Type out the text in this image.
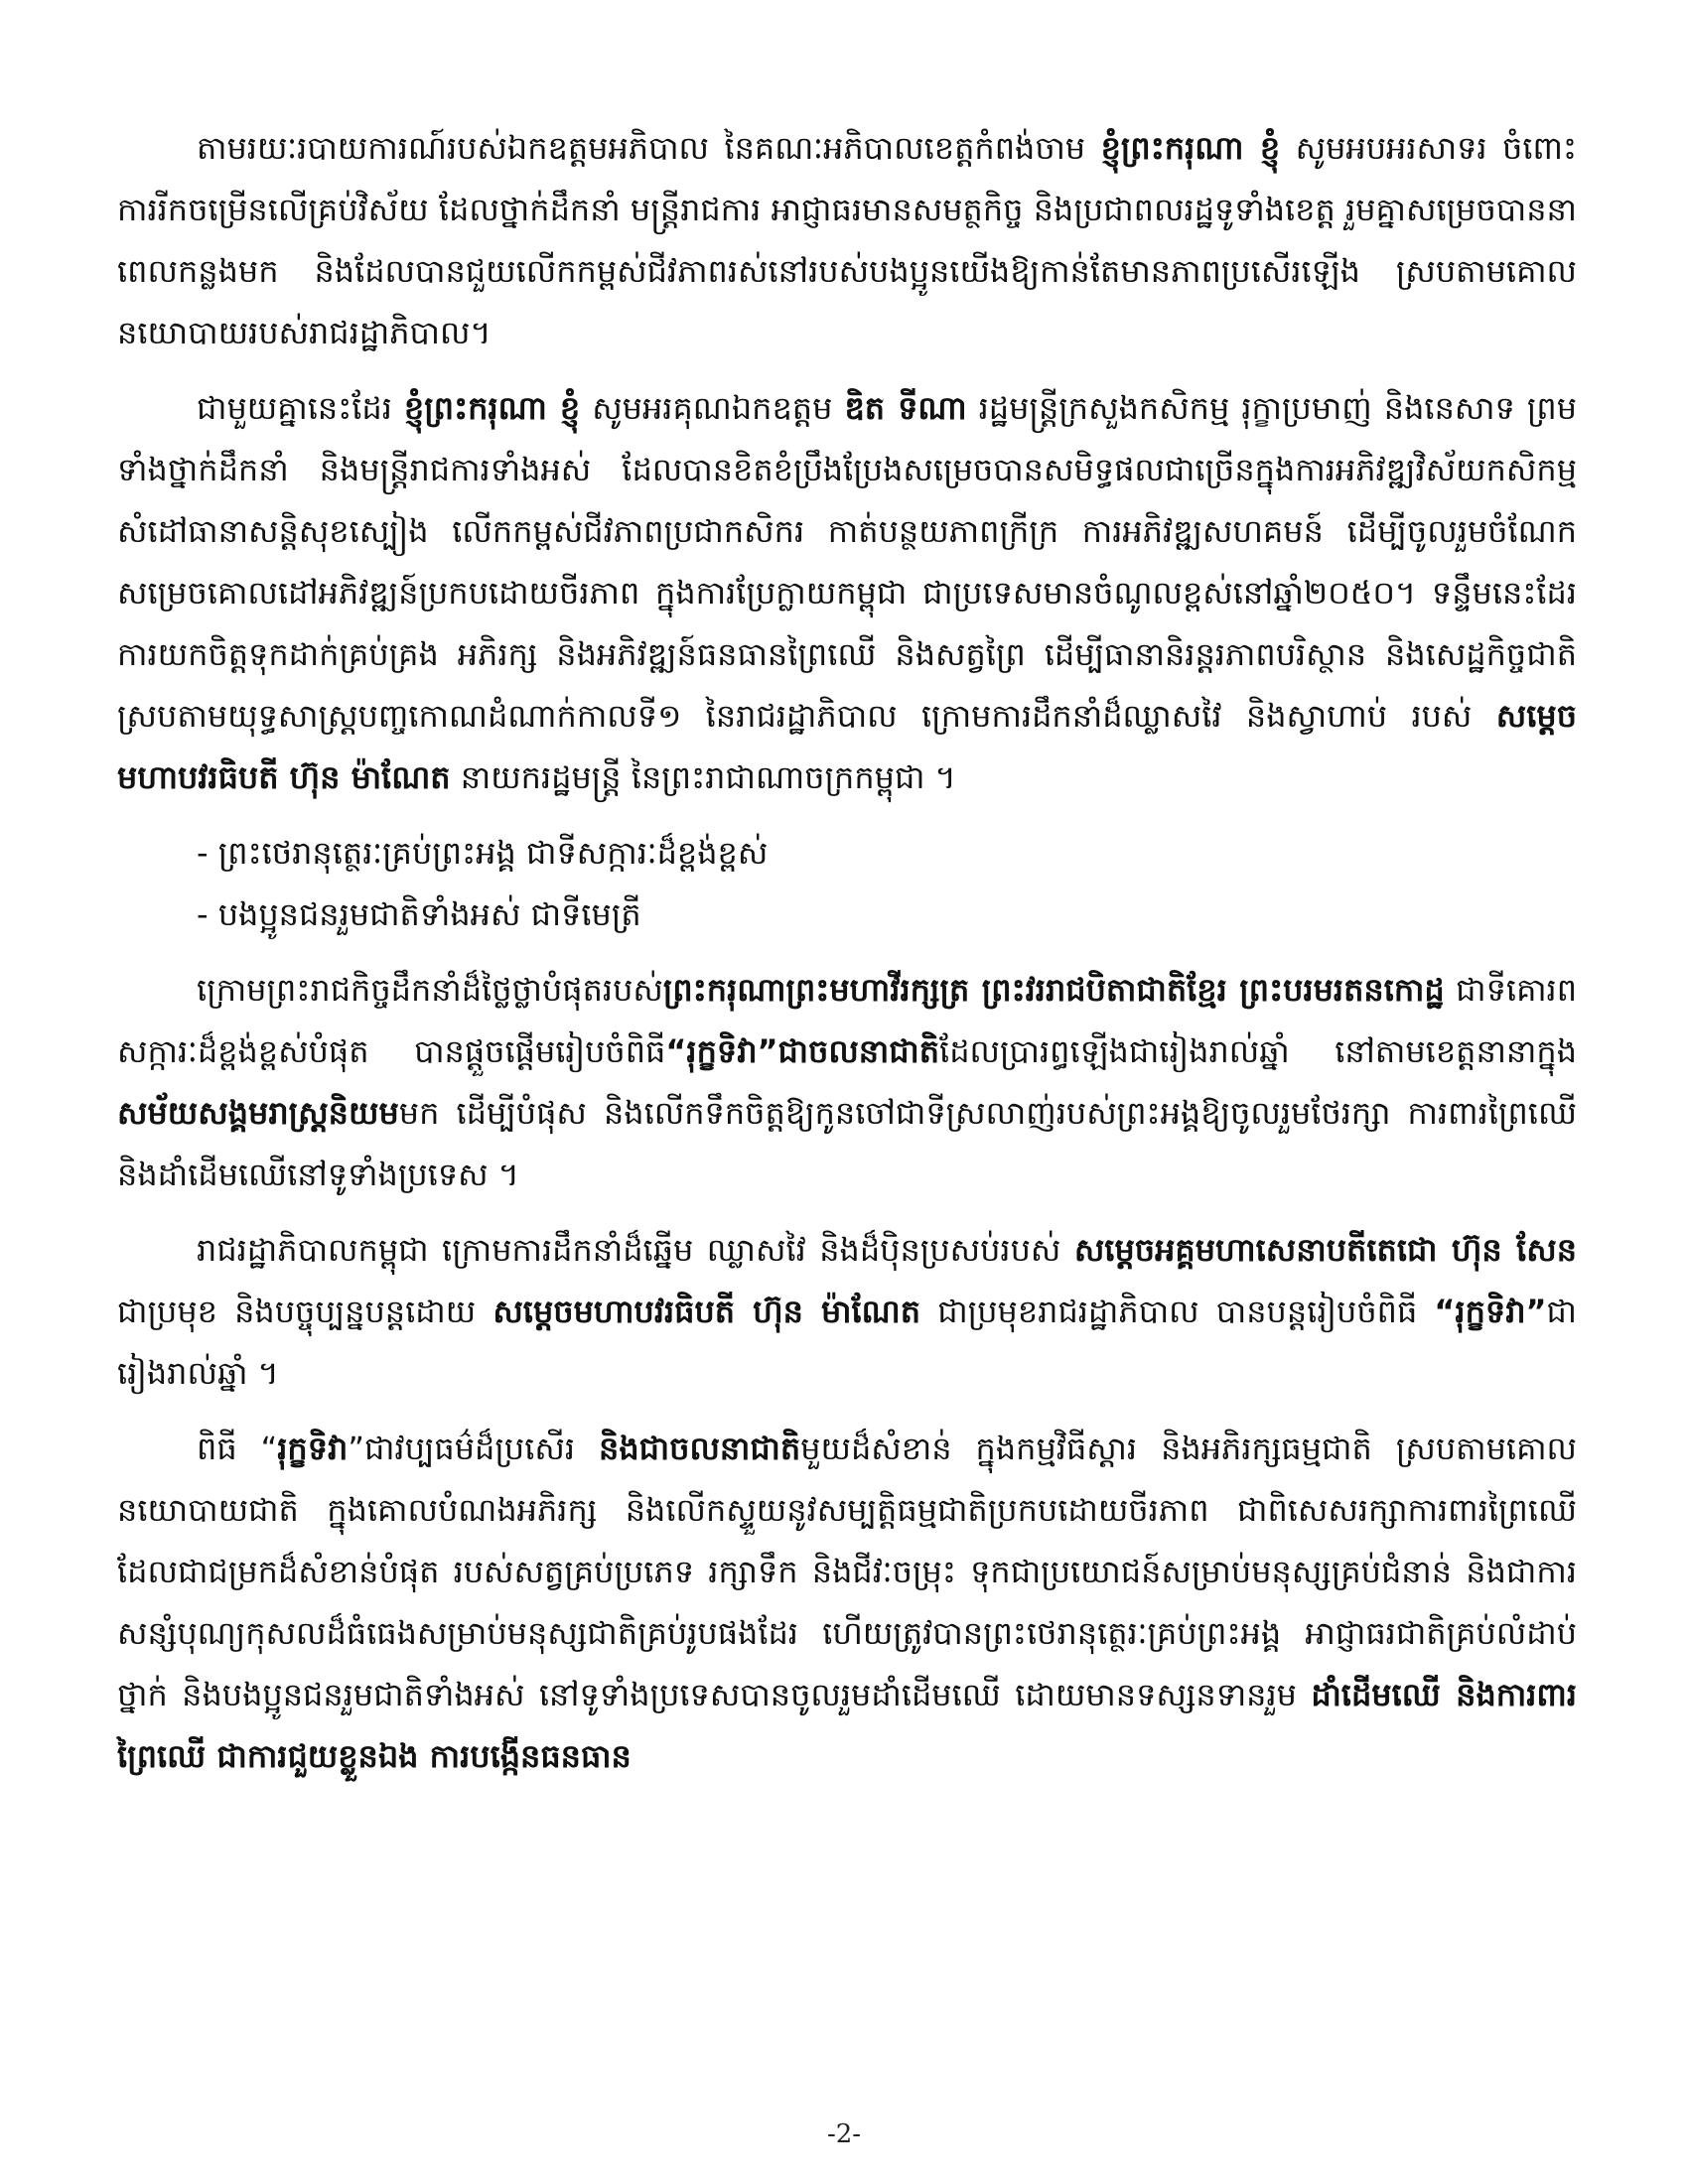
តាមរយៈរបាយការណ៍របស់ឯកឧត្តមអភិបាល នៃគណៈអភិបាលខេត្តកំពង់ចាម ខ្ញុំព្រះករុណា ខ្ញុំ សូមអបអរសាទរ ចំពោះការរីកចម្រើនលើគ្រប់វិស័យ ដែលថ្នាក់ដឹកនាំ មន្ត្រីរាជការ អាជ្ញាធរមានសមត្ថកិច្ច និងប្រជាពលរដ្ឋទូទាំងខេត្ត រួមគ្នាសម្រេចបាននាពេលកន្លងមក និងដែលបានជួយលើកកម្ពស់ជីវភាពរស់នៅរបស់បងប្អូនយើងឱ្យកាន់តែមានភាពប្រសើរឡើង ស្របតាមគោលនយោបាយរបស់រាជរដ្ឋាភិបាល។

ជាមួយគ្នានេះដែរ ខ្ញុំព្រះករុណា ខ្ញុំ សូមអរគុណឯកឧត្តម ឌិត ទីណា រដ្ឋមន្ត្រីក្រសួងកសិកម្ម រុក្ខាប្រមាញ់ និងនេសាទ ព្រមទាំងថ្នាក់ដឹកនាំ និងមន្ត្រីរាជការទាំងអស់ ដែលបានខិតខំប្រឹងប្រែងសម្រេចបានសមិទ្ធផលជាច្រើនក្នុងការអភិវឌ្ឍវិស័យកសិកម្ម សំដៅធានាសន្តិសុខស្បៀង លើកកម្ពស់ជីវភាពប្រជាកសិករ កាត់បន្ថយភាពក្រីក្រ ការអភិវឌ្ឍសហគមន៍ ដើម្បីចូលរួមចំណែកសម្រេចគោលដៅអភិវឌ្ឍន៍ប្រកបដោយចីរភាព ក្នុងការប្រែក្លាយកម្ពុជា ជាប្រទេសមានចំណូលខ្ពស់នៅឆ្នាំ២០៥០។ ទន្ទឹមនេះដែរ ការយកចិត្តទុកដាក់គ្រប់គ្រង អភិរក្ស និងអភិវឌ្ឍន៍ធនធានព្រៃឈើ និងសត្វព្រៃ ដើម្បីធានានិរន្តរភាពបរិស្ថាន និងសេដ្ឋកិច្ចជាតិ ស្របតាមយុទ្ធសាស្ត្របញ្ចកោណដំណាក់កាលទី១ នៃរាជរដ្ឋាភិបាល ក្រោមការដឹកនាំដ៏ឈ្លាសវៃ និងស្វាហាប់ របស់ សម្តេចមហាបវរធិបតី ហ៊ុន ម៉ាណែត នាយករដ្ឋមន្ត្រី នៃព្រះរាជាណាចក្រកម្ពុជា ។

- ព្រះថេរានុត្ថេរៈគ្រប់ព្រះអង្គ ជាទីសក្ការៈដ៏ខ្ពង់ខ្ពស់
- បងប្អូនជនរួមជាតិទាំងអស់ ជាទីមេត្រី

ក្រោមព្រះរាជកិច្ចដឹកនាំដ៏ថ្លៃថ្លាបំផុតរបស់ព្រះករុណាព្រះមហាវីរក្សត្រ ព្រះវររាជបិតាជាតិខ្មែរ ព្រះបរមរតនកោដ្ឋ ជាទីគោរពសក្ការៈដ៏ខ្ពង់ខ្ពស់បំផុត បានផ្តួចផ្តើមរៀបចំពិធី“រុក្ខទិវា”ជាចលនាជាតិដែលប្រារព្ធឡើងជារៀងរាល់ឆ្នាំ នៅតាមខេត្តនានាក្នុងសម័យសង្គមរាស្ត្រនិយមមក ដើម្បីបំផុស និងលើកទឹកចិត្តឱ្យកូនចៅជាទីស្រលាញ់របស់ព្រះអង្គឱ្យចូលរួមថែរក្សា ការពារព្រៃឈើ និងដាំដើមឈើនៅទូទាំងប្រទេស ។

រាជរដ្ឋាភិបាលកម្ពុជា ក្រោមការដឹកនាំដ៏ឆ្នើម ឈ្លាសវៃ និងដ៏ប៉ិនប្រសប់របស់ សម្តេចអគ្គមហាសេនាបតីតេជោ ហ៊ុន សែន ជាប្រមុខ និងបច្ចុប្បន្នបន្តដោយ សម្តេចមហាបវរធិបតី ហ៊ុន ម៉ាណែត ជាប្រមុខរាជរដ្ឋាភិបាល បានបន្តរៀបចំពិធី “រុក្ខទិវា”ជារៀងរាល់ឆ្នាំ ។

ពិធី “រុក្ខទិវា”ជាវប្បធម៌ដ៏ប្រសើរ និងជាចលនាជាតិមួយដ៏សំខាន់ ក្នុងកម្មវិធីស្តារ និងអភិរក្សធម្មជាតិ ស្របតាមគោលនយោបាយជាតិ ក្នុងគោលបំណងអភិរក្ស និងលើកស្ទួយនូវសម្បត្តិធម្មជាតិប្រកបដោយចីរភាព ជាពិសេសរក្សាការពារព្រៃឈើដែលជាជម្រកដ៏សំខាន់បំផុត របស់សត្វគ្រប់ប្រភេទ រក្សាទឹក និងជីវៈចម្រុះ ទុកជាប្រយោជន៍សម្រាប់មនុស្សគ្រប់ជំនាន់ និងជាការសន្សំបុណ្យកុសលដ៏ធំធេងសម្រាប់មនុស្សជាតិគ្រប់រូបផងដែរ ហើយត្រូវបានព្រះថេរានុត្ថេរៈគ្រប់ព្រះអង្គ អាជ្ញាធរជាតិគ្រប់លំដាប់ថ្នាក់ និងបងប្អូនជនរួមជាតិទាំងអស់ នៅទូទាំងប្រទេសបានចូលរួមដាំដើមឈើ ដោយមានទស្សនទានរួម ដាំដើមឈើ និងការពារព្រៃឈើ ជាការជួយខ្លួនឯង ការបង្កើនធនធាន

-2-
